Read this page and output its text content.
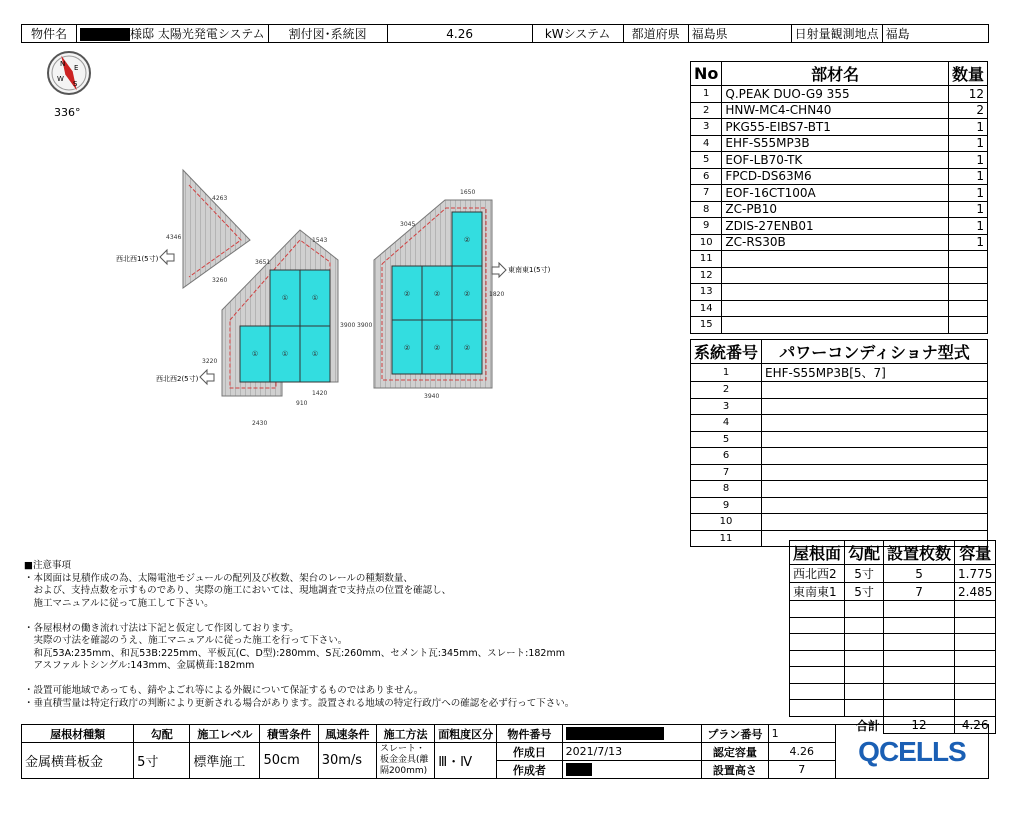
物件名	様邸 太陽光発電システム	割付図･系統図	4.26	kWシステム	都道府県	福島県	日射量観測地点	福島
N E
S
W
336°
①	①
①	①	①
②
②	②	②
②	②	②
4263
4346
3260
3651
1543
3900
3220
910
1420
2430
3045
1650
3900
1820
3940
西北西1(5寸)
西北西2(5寸)
東南東1(5寸)
No	部材名	数量
1	Q.PEAK DUO-G9 355	12
2	HNW-MC4-CHN40	2
3	PKG55-EIBS7-BT1	1
4	EHF-S55MP3B	1
5	EOF-LB70-TK	1
6	FPCD-DS63M6	1
7	EOF-16CT100A	1
8	ZC-PB10	1
9	ZDIS-27ENB01	1
10	ZC-RS30B	1
11		
12		
13		
14		
15		
系統番号	パワーコンディショナ型式
1	EHF-S55MP3B[5、7]
2	
3	
4	
5	
6	
7	
8	
9	
10	
11	
屋根面	勾配	設置枚数	容量
西北西2	5寸	5	1.775
東南東1	5寸	7	2.485

合計		12	4.26
■注意事項
・本図面は見積作成の為、太陽電池モジュールの配列及び枚数、架台のレールの種類数量、
　および、支持点数を示すものであり、実際の施工においては、現地調査で支持点の位置を確認し、
　施工マニュアルに従って施工して下さい。
・各屋根材の働き流れ寸法は下記と仮定して作図しております。
　実際の寸法を確認のうえ、施工マニュアルに従った施工を行って下さい。
　和瓦53A:235mm、和瓦53B:225mm、平板瓦(C、D型):280mm、S瓦:260mm、セメント瓦:345mm、スレート:182mm
　アスファルトシングル:143mm、金属横葺:182mm
・設置可能地域であっても、錆やよごれ等による外観について保証するものではありません。
・垂直積雪量は特定行政庁の判断により更新される場合があります。設置される地域の特定行政庁への確認を必ず行って下さい。
屋根材種類	勾配	施工レベル	積雪条件	風速条件	施工方法	面粗度区分	物件番号		プラン番号	1	QCELLS

金属横葺板金	5寸	標準施工	50cm	30m/s	スレート・板金金具(離隔200mm)	Ⅲ・Ⅳ	作成日	2021/7/13	認定容量	4.26	
							作成者		設置高さ	7	
